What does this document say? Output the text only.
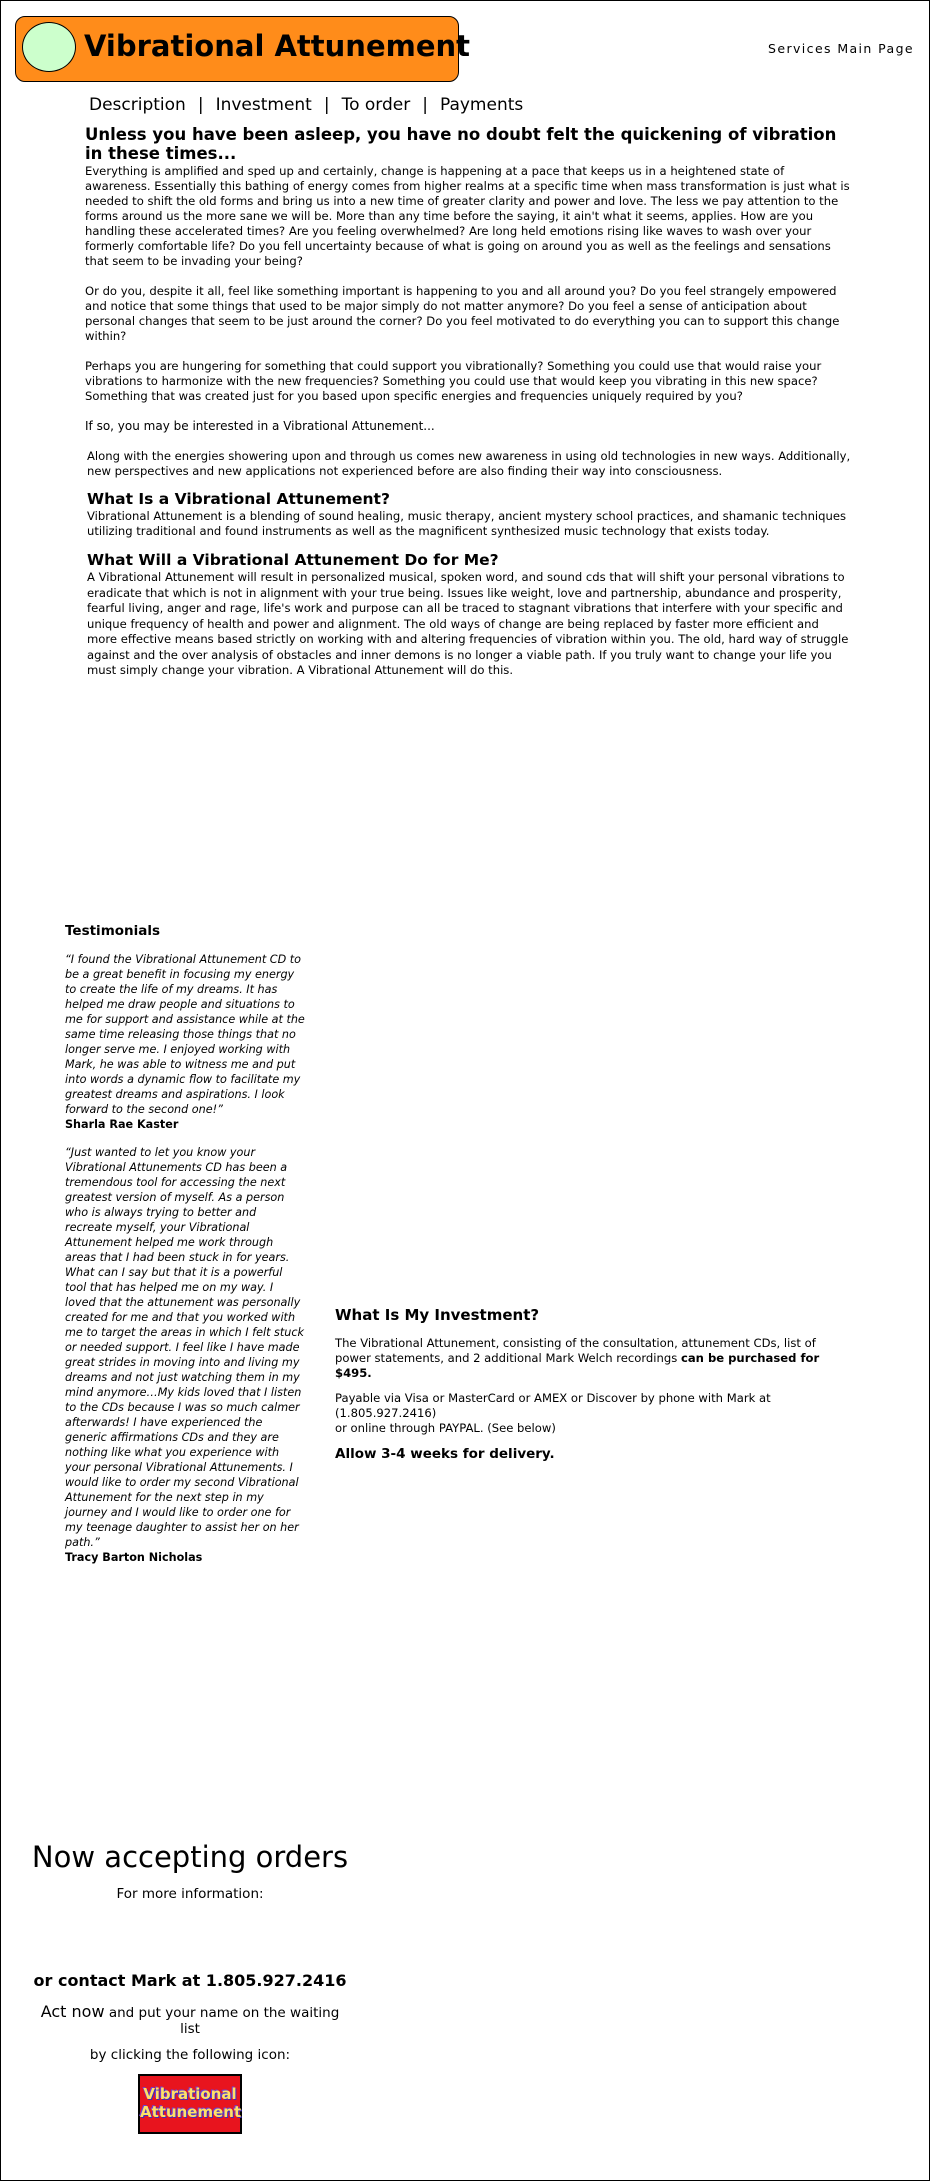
Vibrational Attunement	Services Main Page
Description | Investment | To order | Payments
Unless you have been asleep, you have no doubt felt the quickening of vibration in these times...

Everything is amplified and sped up and certainly, change is happening at a pace that keeps us in a heightened state of awareness. Essentially this bathing of energy comes from higher realms at a specific time when mass transformation is just what is needed to shift the old forms and bring us into a new time of greater clarity and power and love. The less we pay attention to the forms around us the more sane we will be. More than any time before the saying, it ain't what it seems, applies. How are you handling these accelerated times? Are you feeling overwhelmed? Are long held emotions rising like waves to wash over your formerly comfortable life? Do you fell uncertainty because of what is going on around you as well as the feelings and sensations that seem to be invading your being?

Or do you, despite it all, feel like something important is happening to you and all around you? Do you feel strangely empowered and notice that some things that used to be major simply do not matter anymore? Do you feel a sense of anticipation about personal changes that seem to be just around the corner? Do you feel motivated to do everything you can to support this change within?

Perhaps you are hungering for something that could support you vibrationally? Something you could use that would raise your vibrations to harmonize with the new frequencies? Something you could use that would keep you vibrating in this new space? Something that was created just for you based upon specific energies and frequencies uniquely required by you?

If so, you may be interested in a Vibrational Attunement...

Along with the energies showering upon and through us comes new awareness in using old technologies in new ways. Additionally, new perspectives and new applications not experienced before are also finding their way into consciousness.

What Is a Vibrational Attunement?

Vibrational Attunement is a blending of sound healing, music therapy, ancient mystery school practices, and shamanic techniques utilizing traditional and found instruments as well as the magnificent synthesized music technology that exists today.

What Will a Vibrational Attunement Do for Me?

A Vibrational Attunement will result in personalized musical, spoken word, and sound cds that will shift your personal vibrations to eradicate that which is not in alignment with your true being. Issues like weight, love and partnership, abundance and prosperity, fearful living, anger and rage, life's work and purpose can all be traced to stagnant vibrations that interfere with your specific and unique frequency of health and power and alignment. The old ways of change are being replaced by faster more efficient and more effective means based strictly on working with and altering frequencies of vibration within you. The old, hard way of struggle against and the over analysis of obstacles and inner demons is no longer a viable path. If you truly want to change your life you must simply change your vibration. A Vibrational Attunement will do this.

Testimonials

“I found the Vibrational Attunement CD to be a great benefit in focusing my energy to create the life of my dreams. It has helped me draw people and situations to me for support and assistance while at the same time releasing those things that no longer serve me. I enjoyed working with Mark, he was able to witness me and put into words a dynamic flow to facilitate my greatest dreams and aspirations. I look forward to the second one!”

Sharla Rae Kaster

“Just wanted to let you know your Vibrational Attunements CD has been a tremendous tool for accessing the next greatest version of myself. As a person who is always trying to better and recreate myself, your Vibrational Attunement helped me work through areas that I had been stuck in for years. What can I say but that it is a powerful tool that has helped me on my way. I loved that the attunement was personally created for me and that you worked with me to target the areas in which I felt stuck or needed support. I feel like I have made great strides in moving into and living my dreams and not just watching them in my mind anymore…My kids loved that I listen to the CDs because I was so much calmer afterwards! I have experienced the generic affirmations CDs and they are nothing like what you experience with your personal Vibrational Attunements. I would like to order my second Vibrational Attunement for the next step in my journey and I would like to order one for my teenage daughter to assist her on her path.”

Tracy Barton Nicholas

What Is My Investment?

The Vibrational Attunement, consisting of the consultation, attunement CDs, list of power statements, and 2 additional Mark Welch recordings can be purchased for $495.

Payable via Visa or MasterCard or AMEX or Discover by phone with Mark at (1.805.927.2416)
or online through PAYPAL. (See below)

Allow 3-4 weeks for delivery.

Now accepting orders
For more information:
or contact Mark at 1.805.927.2416
Act now and put your name on the waiting list
by clicking the following icon:
Vibrational
Attunement
